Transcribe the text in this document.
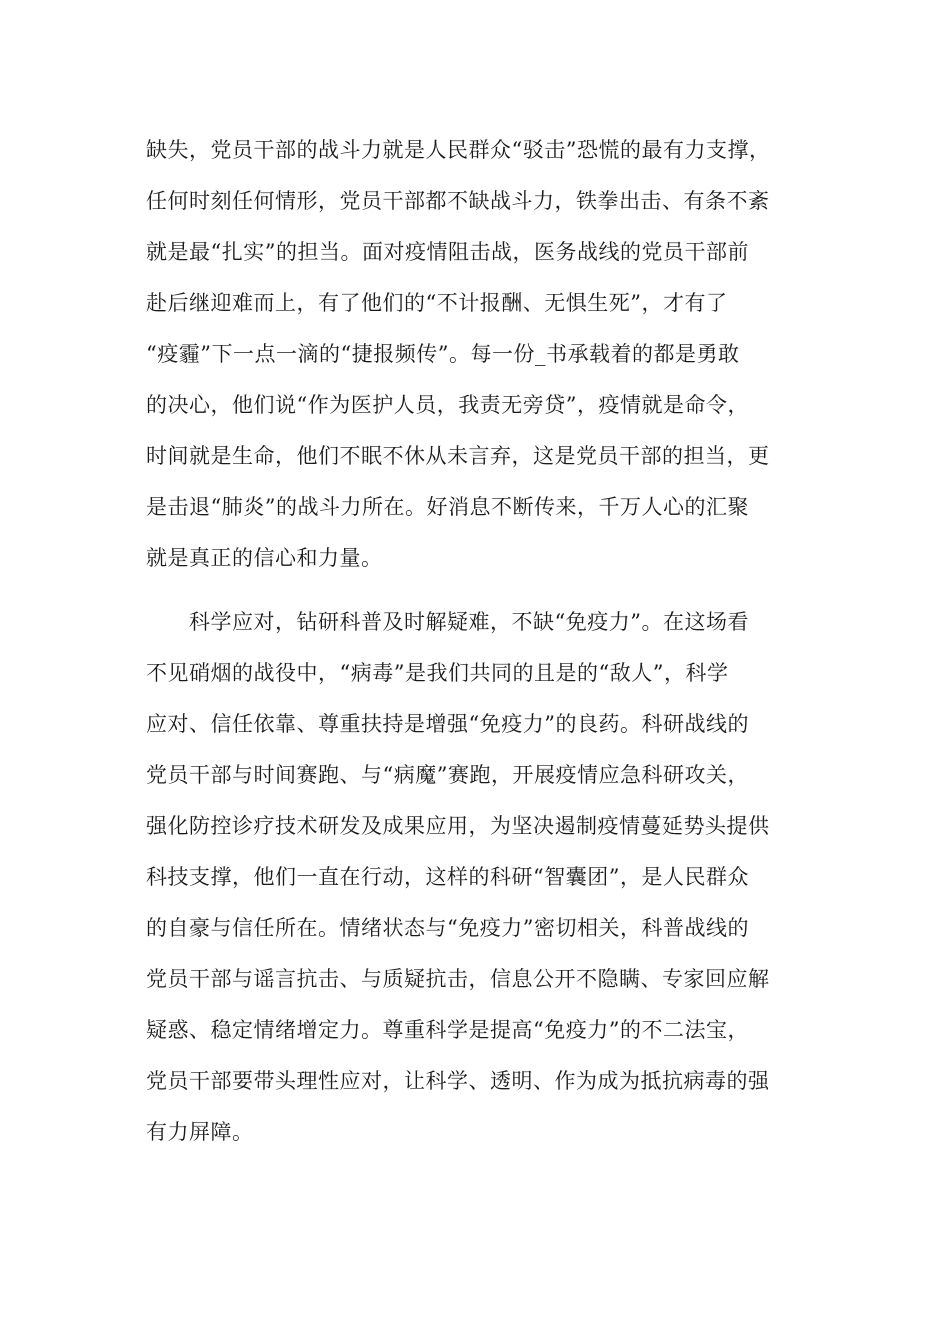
缺失，党员干部的战斗力就是人民群众“驳击”恐慌的最有力支撑，
任何时刻任何情形，党员干部都不缺战斗力，铁拳出击、有条不紊
就是最“扎实”的担当。面对疫情阻击战，医务战线的党员干部前
赴后继迎难而上，有了他们的“不计报酬、无惧生死”，才有了
“疫霾”下一点一滴的“捷报频传”。每一份_书承载着的都是勇敢
的决心，他们说“作为医护人员，我责无旁贷”，疫情就是命令，
时间就是生命，他们不眠不休从未言弃，这是党员干部的担当，更
是击退“肺炎”的战斗力所在。好消息不断传来，千万人心的汇聚
就是真正的信心和力量。

　　科学应对，钻研科普及时解疑难，不缺“免疫力”。在这场看
不见硝烟的战役中，“病毒”是我们共同的且是的“敌人”，科学
应对、信任依靠、尊重扶持是增强“免疫力”的良药。科研战线的
党员干部与时间赛跑、与“病魔”赛跑，开展疫情应急科研攻关，
强化防控诊疗技术研发及成果应用，为坚决遏制疫情蔓延势头提供
科技支撑，他们一直在行动，这样的科研“智囊团”，是人民群众
的自豪与信任所在。情绪状态与“免疫力”密切相关，科普战线的
党员干部与谣言抗击、与质疑抗击，信息公开不隐瞒、专家回应解
疑惑、稳定情绪增定力。尊重科学是提高“免疫力”的不二法宝，
党员干部要带头理性应对，让科学、透明、作为成为抵抗病毒的强
有力屏障。
